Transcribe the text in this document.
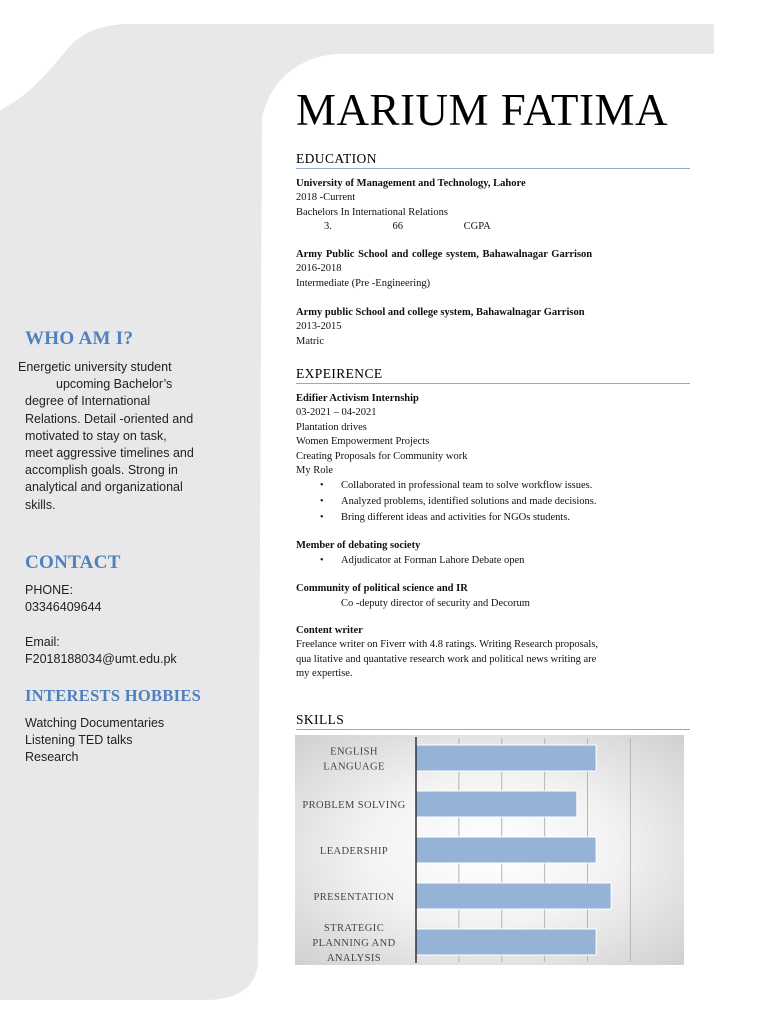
WHO AM I?
Energetic university student
upcoming Bachelor’s
degree of International
Relations. Detail -oriented and
motivated to stay on task,
meet aggressive timelines and
accomplish goals. Strong in
analytical and organizational
skills.
CONTACT
PHONE:
03346409644
Email:
F2018188034@umt.edu.pk
INTERESTS HOBBIES
Watching Documentaries
Listening TED talks
Research
MARIUM FATIMA
EDUCATION
University of Management and Technology, Lahore
2018 -Current
Bachelors In International Relations
3. 66 CGPA
Army Public School and college system, Bahawalnagar Garrison
2016-2018
Intermediate (Pre -Engineering)
Army public School and college system, Bahawalnagar Garrison
2013-2015
Matric
EXPEIRENCE
Edifier Activism Internship
03-2021 – 04-2021
Plantation drives
Women Empowerment Projects
Creating Proposals for Community work
My Role
• Collaborated in professional team to solve workflow issues.
• Analyzed problems, identified solutions and made decisions.
• Bring different ideas and activities for NGOs students.
Member of debating society
• Adjudicator at Forman Lahore Debate open
Community of political science and IR
Co -deputy director of security and Decorum
Content writer
Freelance writer on Fiverr with 4.8 ratings. Writing Research proposals,
qua litative and quantative research work and political news writing are
my expertise.
SKILLS
ENGLISH LANGUAGE
PROBLEM SOLVING
LEADERSHIP
PRESENTATION
STRATEGIC PLANNING AND ANALYSIS
